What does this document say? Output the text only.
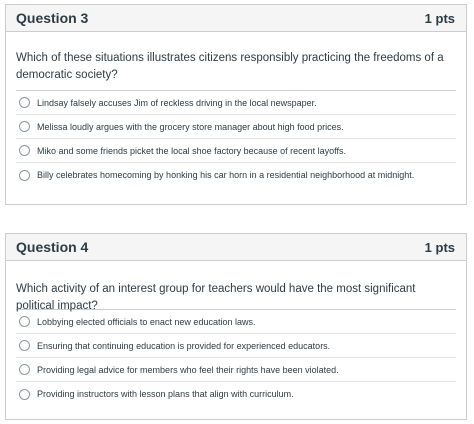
Question 3	1 pts
Which of these situations illustrates citizens responsibly practicing the freedoms of a democratic society?
Lindsay falsely accuses Jim of reckless driving in the local newspaper.
Melissa loudly argues with the grocery store manager about high food prices.
Miko and some friends picket the local shoe factory because of recent layoffs.
Billy celebrates homecoming by honking his car horn in a residential neighborhood at midnight.
Question 4	1 pts
Which activity of an interest group for teachers would have the most significant political impact?
Lobbying elected officials to enact new education laws.
Ensuring that continuing education is provided for experienced educators.
Providing legal advice for members who feel their rights have been violated.
Providing instructors with lesson plans that align with curriculum.
